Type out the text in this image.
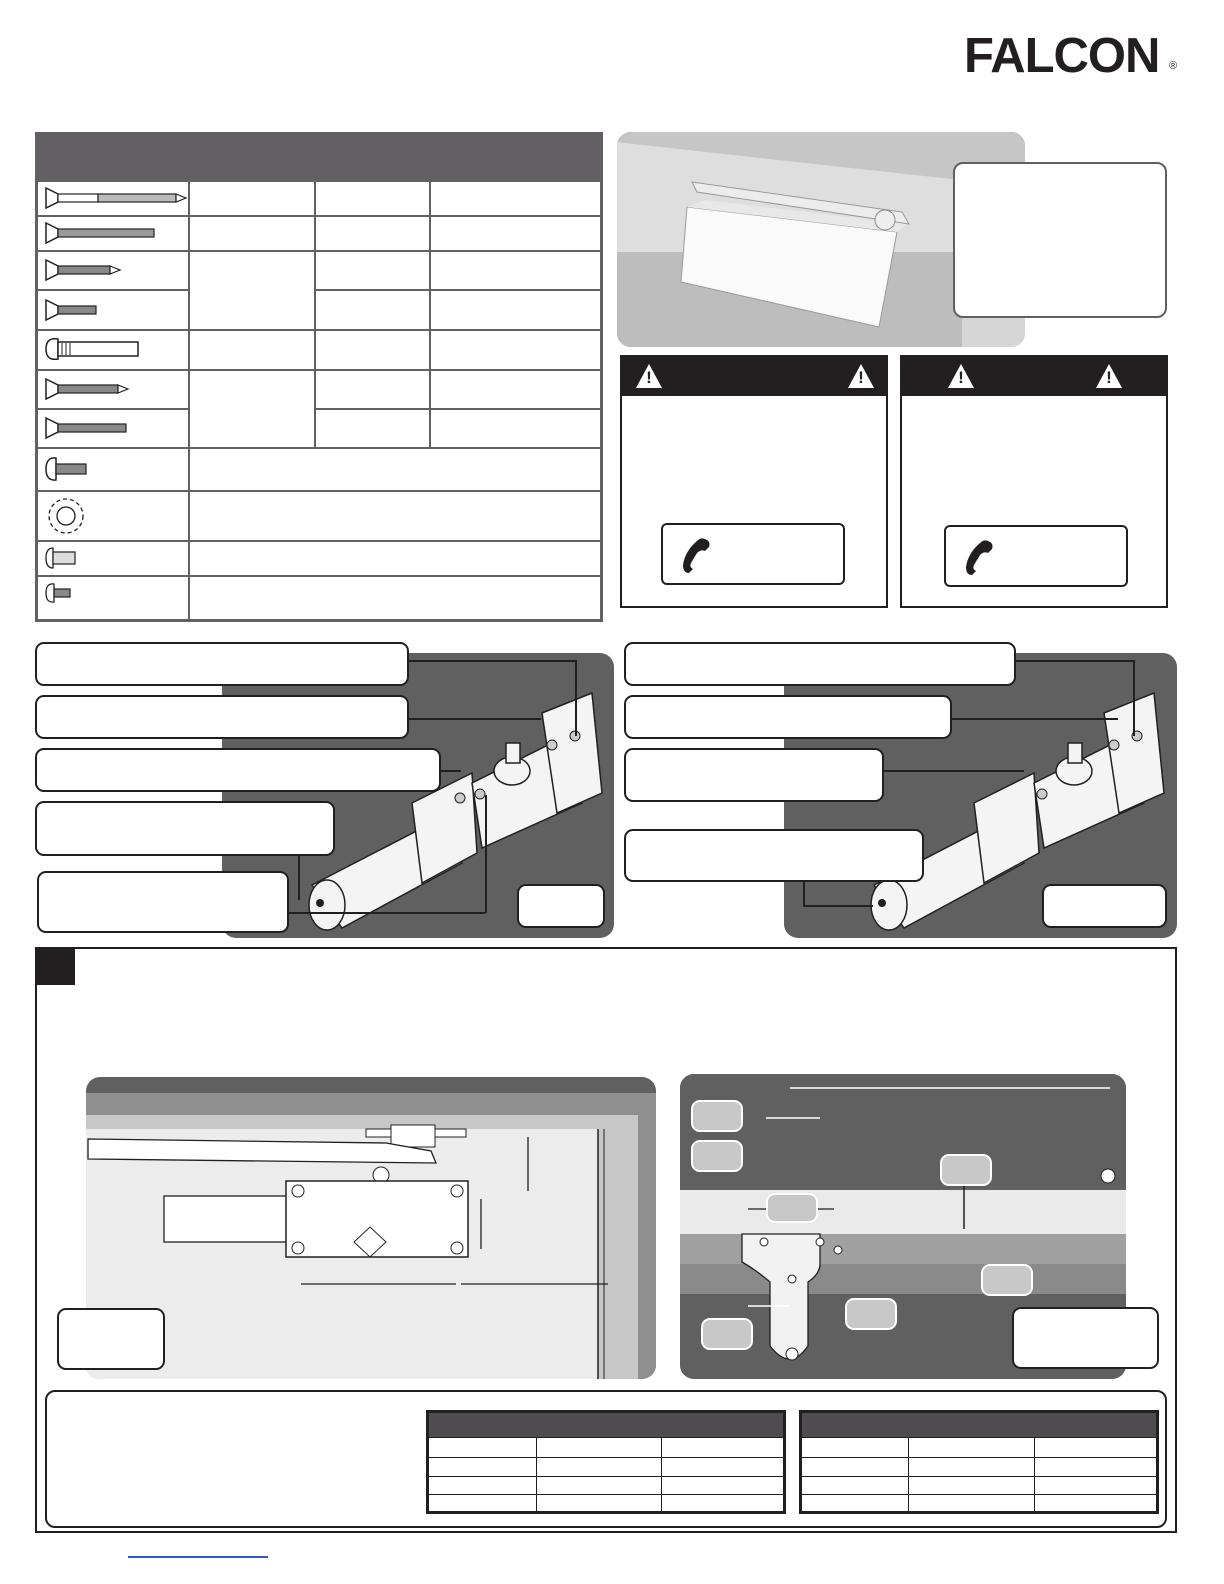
FALCON ®
!	!	!	!
